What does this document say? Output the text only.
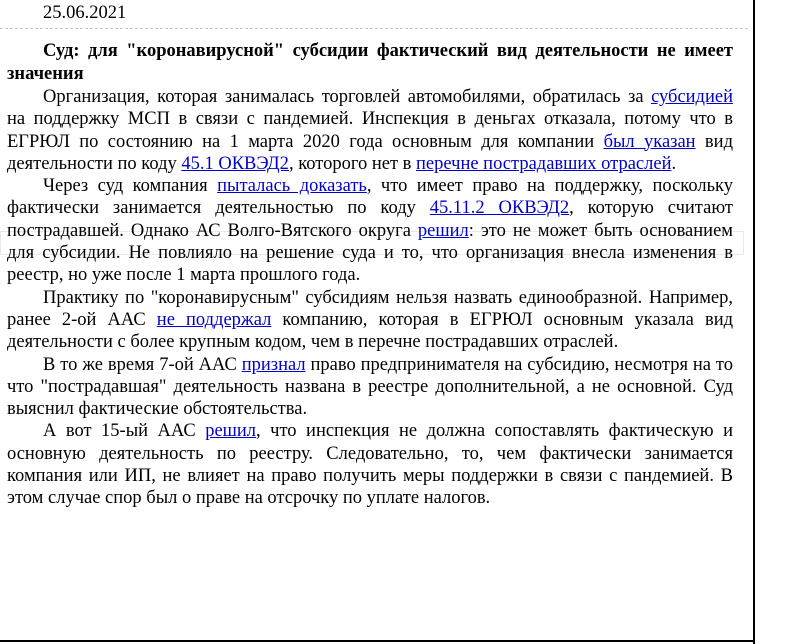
25.06.2021

Суд: для "коронавирусной" субсидии фактический вид деятельности не имеет значения

Организация, которая занималась торговлей автомобилями, обратилась за субсидией на поддержку МСП в связи с пандемией. Инспекция в деньгах отказала, потому что в ЕГРЮЛ по состоянию на 1 марта 2020 года основным для компании был указан вид деятельности по коду 45.1 ОКВЭД2, которого нет в перечне пострадавших отраслей.

Через суд компания пыталась доказать, что имеет право на поддержку, поскольку фактически занимается деятельностью по коду 45.11.2 ОКВЭД2, которую считают пострадавшей. Однако АС Волго-Вятского округа решил: это не может быть основанием для субсидии. Не повлияло на решение суда и то, что организация внесла изменения в реестр, но уже после 1 марта прошлого года.

Практику по "коронавирусным" субсидиям нельзя назвать единообразной. Например, ранее 2-ой ААС не поддержал компанию, которая в ЕГРЮЛ основным указала вид деятельности с более крупным кодом, чем в перечне пострадавших отраслей.

В то же время 7-ой ААС признал право предпринимателя на субсидию, несмотря на то что "пострадавшая" деятельность названа в реестре дополнительной, а не основной. Суд выяснил фактические обстоятельства.

А вот 15-ый ААС решил, что инспекция не должна сопоставлять фактическую и основную деятельность по реестру. Следовательно, то, чем фактически занимается компания или ИП, не влияет на право получить меры поддержки в связи с пандемией. В этом случае спор был о праве на отсрочку по уплате налогов.
